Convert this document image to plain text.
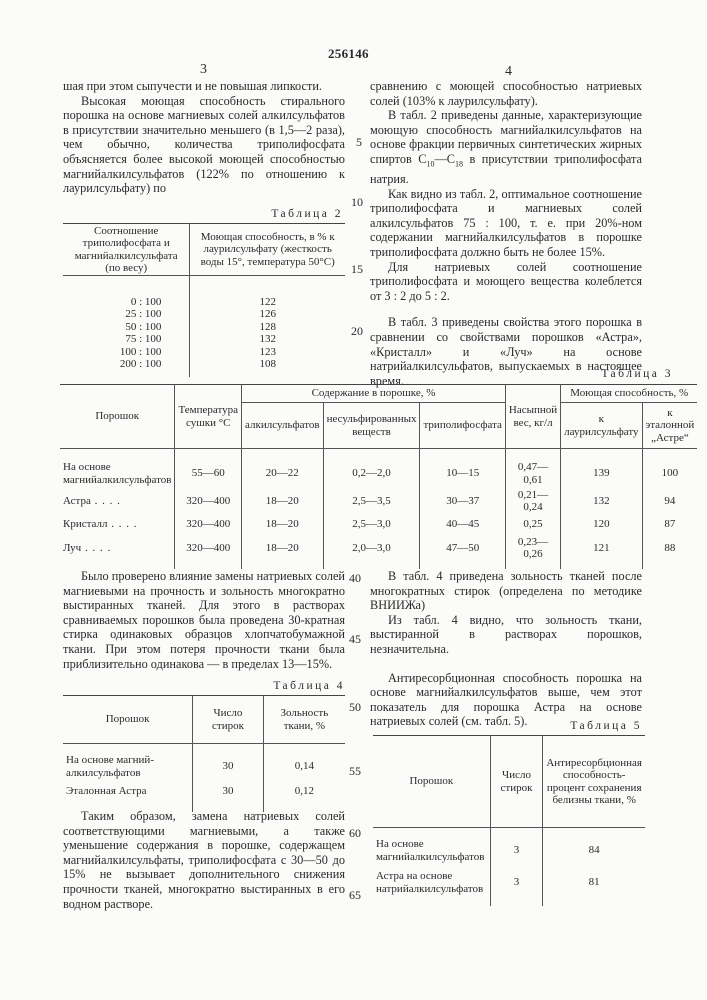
256146
3	4

шая при этом сыпучести и не повышая липкости.

Высокая моющая способность стирального порошка на основе магниевых солей алкилсульфатов в присутствии значительно меньшего (в 1,5—2 раза), чем обычно, количества триполифосфата объясняется более высокой моющей способностью магнийалкилсульфатов (122% по отношению к лаурилсульфату) по

Таблица 2
Соотношение триполифосфата и магнийалкилсульфата (по весу)	Моющая способность, в % к лаурилсульфату (жесткость воды 15°, температура 50°C)

0 : 100	122
25 : 100	126
50 : 100	128
75 : 100	132
100 : 100	123
200 : 100	108

сравнению с моющей способностью натриевых солей (103% к лаурилсульфату).

В табл. 2 приведены данные, характеризующие моющую способность магнийалкилсульфатов на основе фракции первичных синтетических жирных спиртов $C_{10}—C_{18}$ в присутствии триполифосфата натрия.

Как видно из табл. 2, оптимальное соотношение триполифосфата и магниевых солей алкилсульфатов 75 : 100, т. е. при 20%-ном содержании магнийалкилсульфатов в порошке триполифосфата должно быть не более 15%.

Для натриевых солей соотношение триполифосфата и моющего вещества колеблется от 3 : 2 до 5 : 2.

В табл. 3 приведены свойства этого порошка в сравнении со свойствами порошков «Астра», «Кристалл» и «Луч» на основе натрийалкилсульфатов, выпускаемых в настоящее время.

5
10
15
20
Таблица 3
Порошок	Температура сушки °С	Содержание в порошке, %			Насыпной вес, кг/л	Моющая способность, %	
		алкилсульфатов	несульфированных веществ	триполифосфата		к лаурилсульфату	к эталонной „Астре“

На основе магнийалкилсульфатов	55—60	20—22	0,2—2,0	10—15	0,47—0,61	139	100
Астра . . . .	320—400	18—20	2,5—3,5	30—37	0,21—0,24	132	94
Кристалл . . . .	320—400	18—20	2,5—3,0	40—45	0,25	120	87
Луч . . . .	320—400	18—20	2,0—3,0	47—50	0,23—0,26	121	88

Было проверено влияние замены натриевых солей магниевыми на прочность и зольность многократно выстиранных тканей. Для этого в растворах сравниваемых порошков была проведена 30-кратная стирка одинаковых образцов хлопчатобумажной ткани. При этом потеря прочности ткани была приблизительно одинакова — в пределах 13—15%.

Таблица 4
Порошок	Число стирок	Зольность ткани, %

На основе магний-алкилсульфатов	30	0,14
Эталонная Астра	30	0,12

Таким образом, замена натриевых солей соответствующими магниевыми, а также уменьшение содержания в порошке, содержащем магнийалкилсульфаты, триполифосфата с 30—50 до 15% не вызывает дополнительного снижения прочности тканей, многократно выстиранных в его водном растворе.

В табл. 4 приведена зольность тканей после многократных стирок (определена по методике ВНИИЖа)

Из табл. 4 видно, что зольность ткани, выстиранной в растворах порошков, незначительна.

Антиресорбционная способность порошка на основе магнийалкилсульфатов выше, чем этот показатель для порошка Астра на основе натриевых солей (см. табл. 5).	Таблица 5
Порошок	Число стирок	Антиресорбционная способность-процент сохранения белизны ткани, %

На основе магнийалкилсульфатов	3	84
Астра на основе натрийалкилсульфатов	3	81

40
45
50
55
60
65
